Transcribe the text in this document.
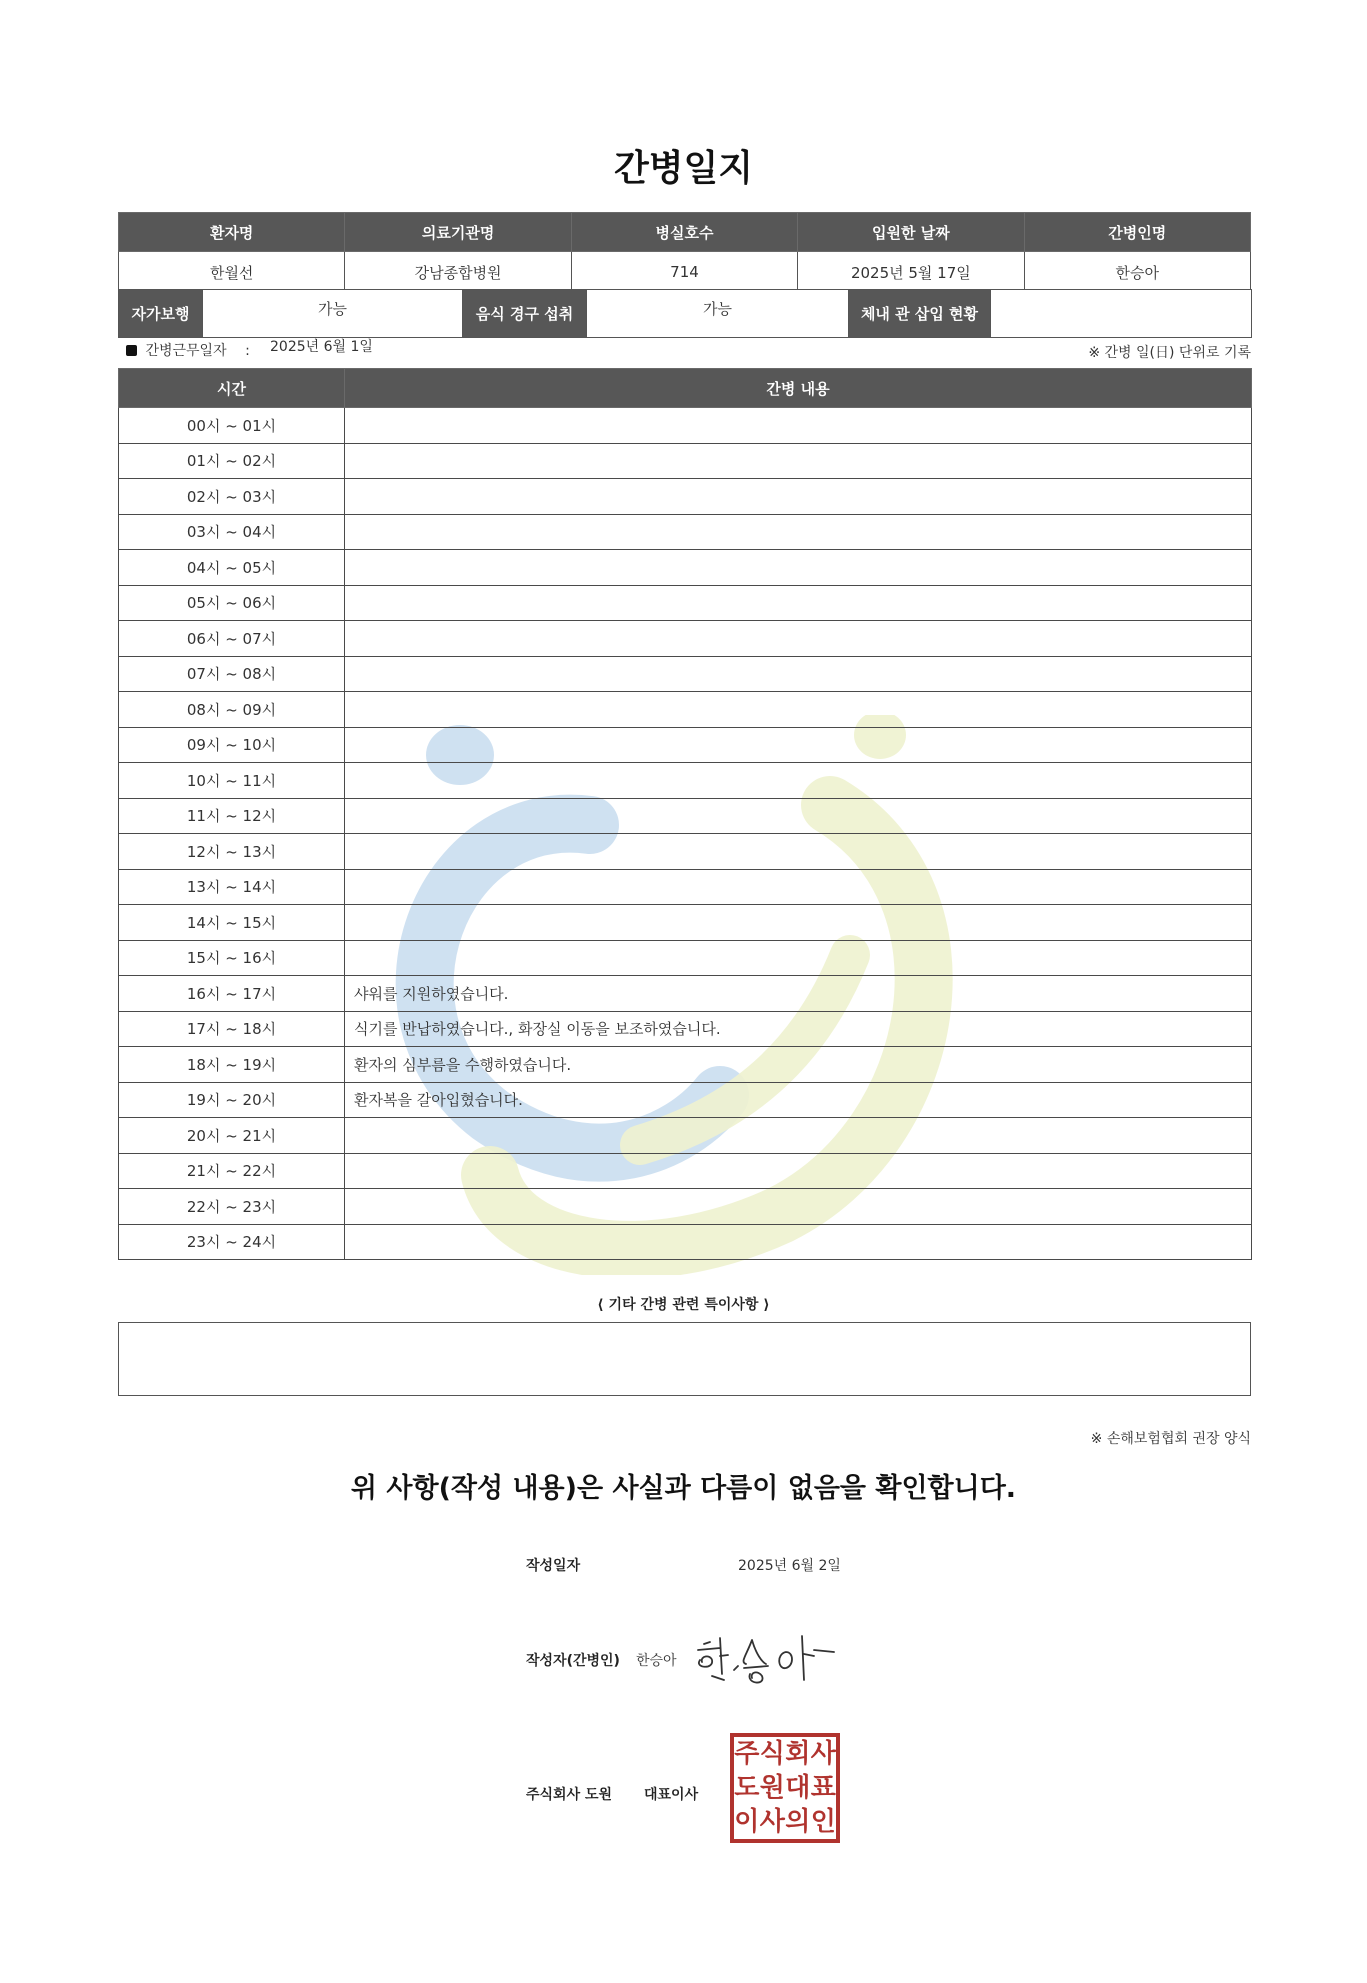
간병일지
환자명	의료기관명	병실호수	입원한 날짜	간병인명
한월선	강남종합병원	714	2025년 5월 17일	한승아
자가보행	가능	음식 경구 섭취	가능	체내 관 삽입 현황	
간병근무일자 : 2025년 6월 1일	※ 간병 일(日) 단위로 기록
시간	간병 내용
00시 ~ 01시	
01시 ~ 02시	
02시 ~ 03시	
03시 ~ 04시	
04시 ~ 05시	
05시 ~ 06시	
06시 ~ 07시	
07시 ~ 08시	
08시 ~ 09시	
09시 ~ 10시	
10시 ~ 11시	
11시 ~ 12시	
12시 ~ 13시	
13시 ~ 14시	
14시 ~ 15시	
15시 ~ 16시	
16시 ~ 17시	샤워를 지원하였습니다.
17시 ~ 18시	식기를 반납하였습니다., 화장실 이동을 보조하였습니다.
18시 ~ 19시	환자의 심부름을 수행하였습니다.
19시 ~ 20시	환자복을 갈아입혔습니다.
20시 ~ 21시	
21시 ~ 22시	
22시 ~ 23시	
23시 ~ 24시	
⟨ 기타 간병 관련 특이사항 ⟩
※ 손해보험협회 권장 양식
위 사항(작성 내용)은 사실과 다름이 없음을 확인합니다.
작성일자	2025년 6월 2일
작성자(간병인) 한승아
주식회사 도원 대표이사
주 식 회 사
도 원 대 표
이 사 의 인
